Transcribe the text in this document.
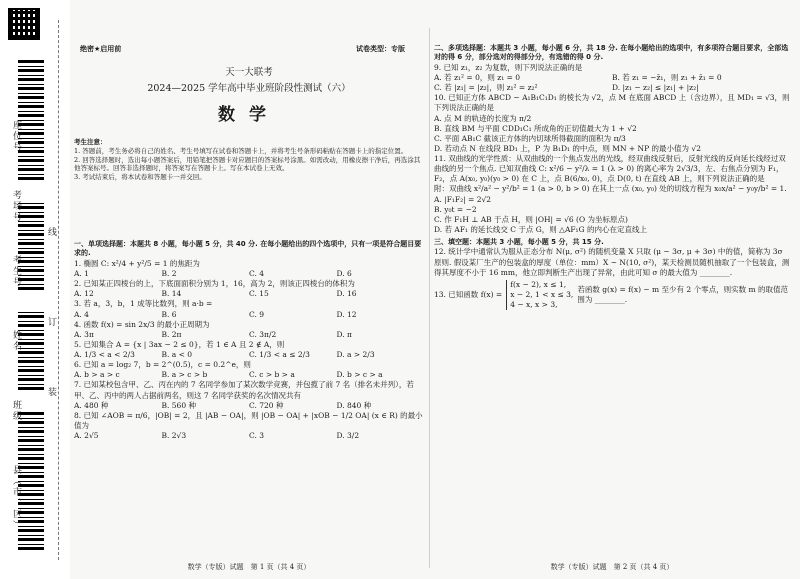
座位号
考场号
考生号
姓名
班级
县（市、区）
线
订
装
绝密★启用前	试卷类型：专版
天一大联考
2024—2025 学年高中毕业班阶段性测试（六）
数学
考生注意：
1. 答题前，考生务必将自己的姓名、考生号填写在试卷和答题卡上，并将考生号条形码粘贴在答题卡上的指定位置。
2. 回答选择题时，选出每小题答案后，用铅笔把答题卡对应题目的答案标号涂黑。如需改动，用橡皮擦干净后，再选涂其他答案标号。回答非选择题时，将答案写在答题卡上。写在本试卷上无效。
3. 考试结束后，将本试卷和答题卡一并交回。
一、单项选择题：本题共 8 小题，每小题 5 分，共 40 分. 在每小题给出的四个选项中，只有一项是符合题目要求的.
1. 椭圆 C: x²/4 + y²/5 = 1 的焦距为
A. 1	B. 2	C. 4	D. 6
2. 已知某正四棱台的上，下底面面积分别为 1，16，高为 2，则该正四棱台的体积为
A. 12	B. 14	C. 15	D. 16
3. 若 a，3，b，1 成等比数列，则 a·b =
A. 4	B. 6	C. 9	D. 12
4. 函数 f(x) = sin 2x/3 的最小正周期为
A. 3π	B. 2π	C. 3π/2	D. π
5. 已知集合 A = {x | 3ax − 2 ≤ 0}，若 1 ∈ A 且 2 ∉ A，则
A. 1/3 < a < 2/3	B. a < 0	C. 1/3 < a ≤ 2/3	D. a > 2/3
6. 已知 a = log₂ 7，b = 2^(0.5)，c = 0.2^e，则
A. b > a > c	B. a > c > b	C. c > b > a	D. b > c > a
7. 已知某校包含甲、乙、丙在内的 7 名同学参加了某次数学竞赛，并包揽了前 7 名（排名未并列），若甲、乙、丙中的两人占据前两名，则这 7 名同学获奖的名次情况共有
A. 480 种	B. 560 种	C. 720 种	D. 840 种
8. 已知 ∠AOB = π/6，|OB| = 2，且 |AB − OA|，则 |OB − OA| + |xOB − 1/2 OA| (x ∈ R) 的最小值为
A. 2√5	B. 2√3	C. 3	D. 3/2
二、多项选择题：本题共 3 小题，每小题 6 分，共 18 分. 在每小题给出的选项中，有多项符合题目要求，全部选对的得 6 分，部分选对的得部分分，有选错的得 0 分.
9. 已知 z₁，z₂ 为复数，则下列说法正确的是
A. 若 z₁² = 0，则 z₁ = 0	B. 若 z₁ = −z̄₁，则 z₁ + z̄₁ = 0
C. 若 |z₁| = |z₂|，则 z₁² = z₂²	D. |z₁ − z₂| ≤ |z₁| + |z₂|
10. 已知正方体 ABCD − A₁B₁C₁D₁ 的棱长为 √2，点 M 在底面 ABCD 上（含边界），且 MD₁ = √3，则下列说法正确的是
A. 点 M 的轨迹的长度为 π/2
B. 直线 BM 与平面 CDD₁C₁ 所成角的正切值最大为 1 + √2
C. 平面 AB₁C 截该正方体的内切球所得截面的面积为 π/3
D. 若动点 N 在线段 BD₁ 上，P 为 B₁D₁ 的中点，则 MN + NP 的最小值为 √2
11. 双曲线的光学性质：从双曲线的一个焦点发出的光线，经双曲线反射后，反射光线的反向延长线经过双曲线的另一个焦点. 已知双曲线 C: x²/6 − y²/λ = 1 (λ > 0) 的离心率为 2√3/3，左、右焦点分别为 F₁，F₂，点 A(x₀, y₀)(y₀ > 0) 在 C 上，点 B(6/x₀, 0)，点 D(0, t) 在直线 AB 上，则下列说法正确的是
附：双曲线 x²/a² − y²/b² = 1 (a > 0, b > 0) 在其上一点 (x₀, y₀) 处的切线方程为 x₀x/a² − y₀y/b² = 1.
A. |F₁F₂| = 2√2
B. y₀t = −2
C. 作 F₁H ⊥ AB 于点 H，则 |OH| = √6 (O 为坐标原点)
D. 若 AF₁ 的延长线交 C 于点 G，则 △AF₁G 的内心在定直线上
三、填空题：本题共 3 小题，每小题 5 分，共 15 分.
12. 统计学中通常认为服从正态分布 N(μ, σ²) 的随机变量 X 只取 (μ − 3σ, μ + 3σ) 中的值，简称为 3σ 原则. 假设某厂生产的包装盒的厚度（单位：mm）X ~ N(10, σ²)，某天检测员随机抽取了一个包装盒，测得其厚度不小于 16 mm，他立即判断生产出现了异常，由此可知 σ 的最大值为 ________.
13. 已知函数 f(x) =
f(x − 2), x ≤ 1,
x − 2, 1 < x ≤ 3,
4 − x, x > 3,
若函数 g(x) = f(x) − m 至少有 2 个零点，则实数 m 的取值范围为 ________.
数学（专版）试题　第 1 页（共 4 页）	数学（专版）试题　第 2 页（共 4 页）
